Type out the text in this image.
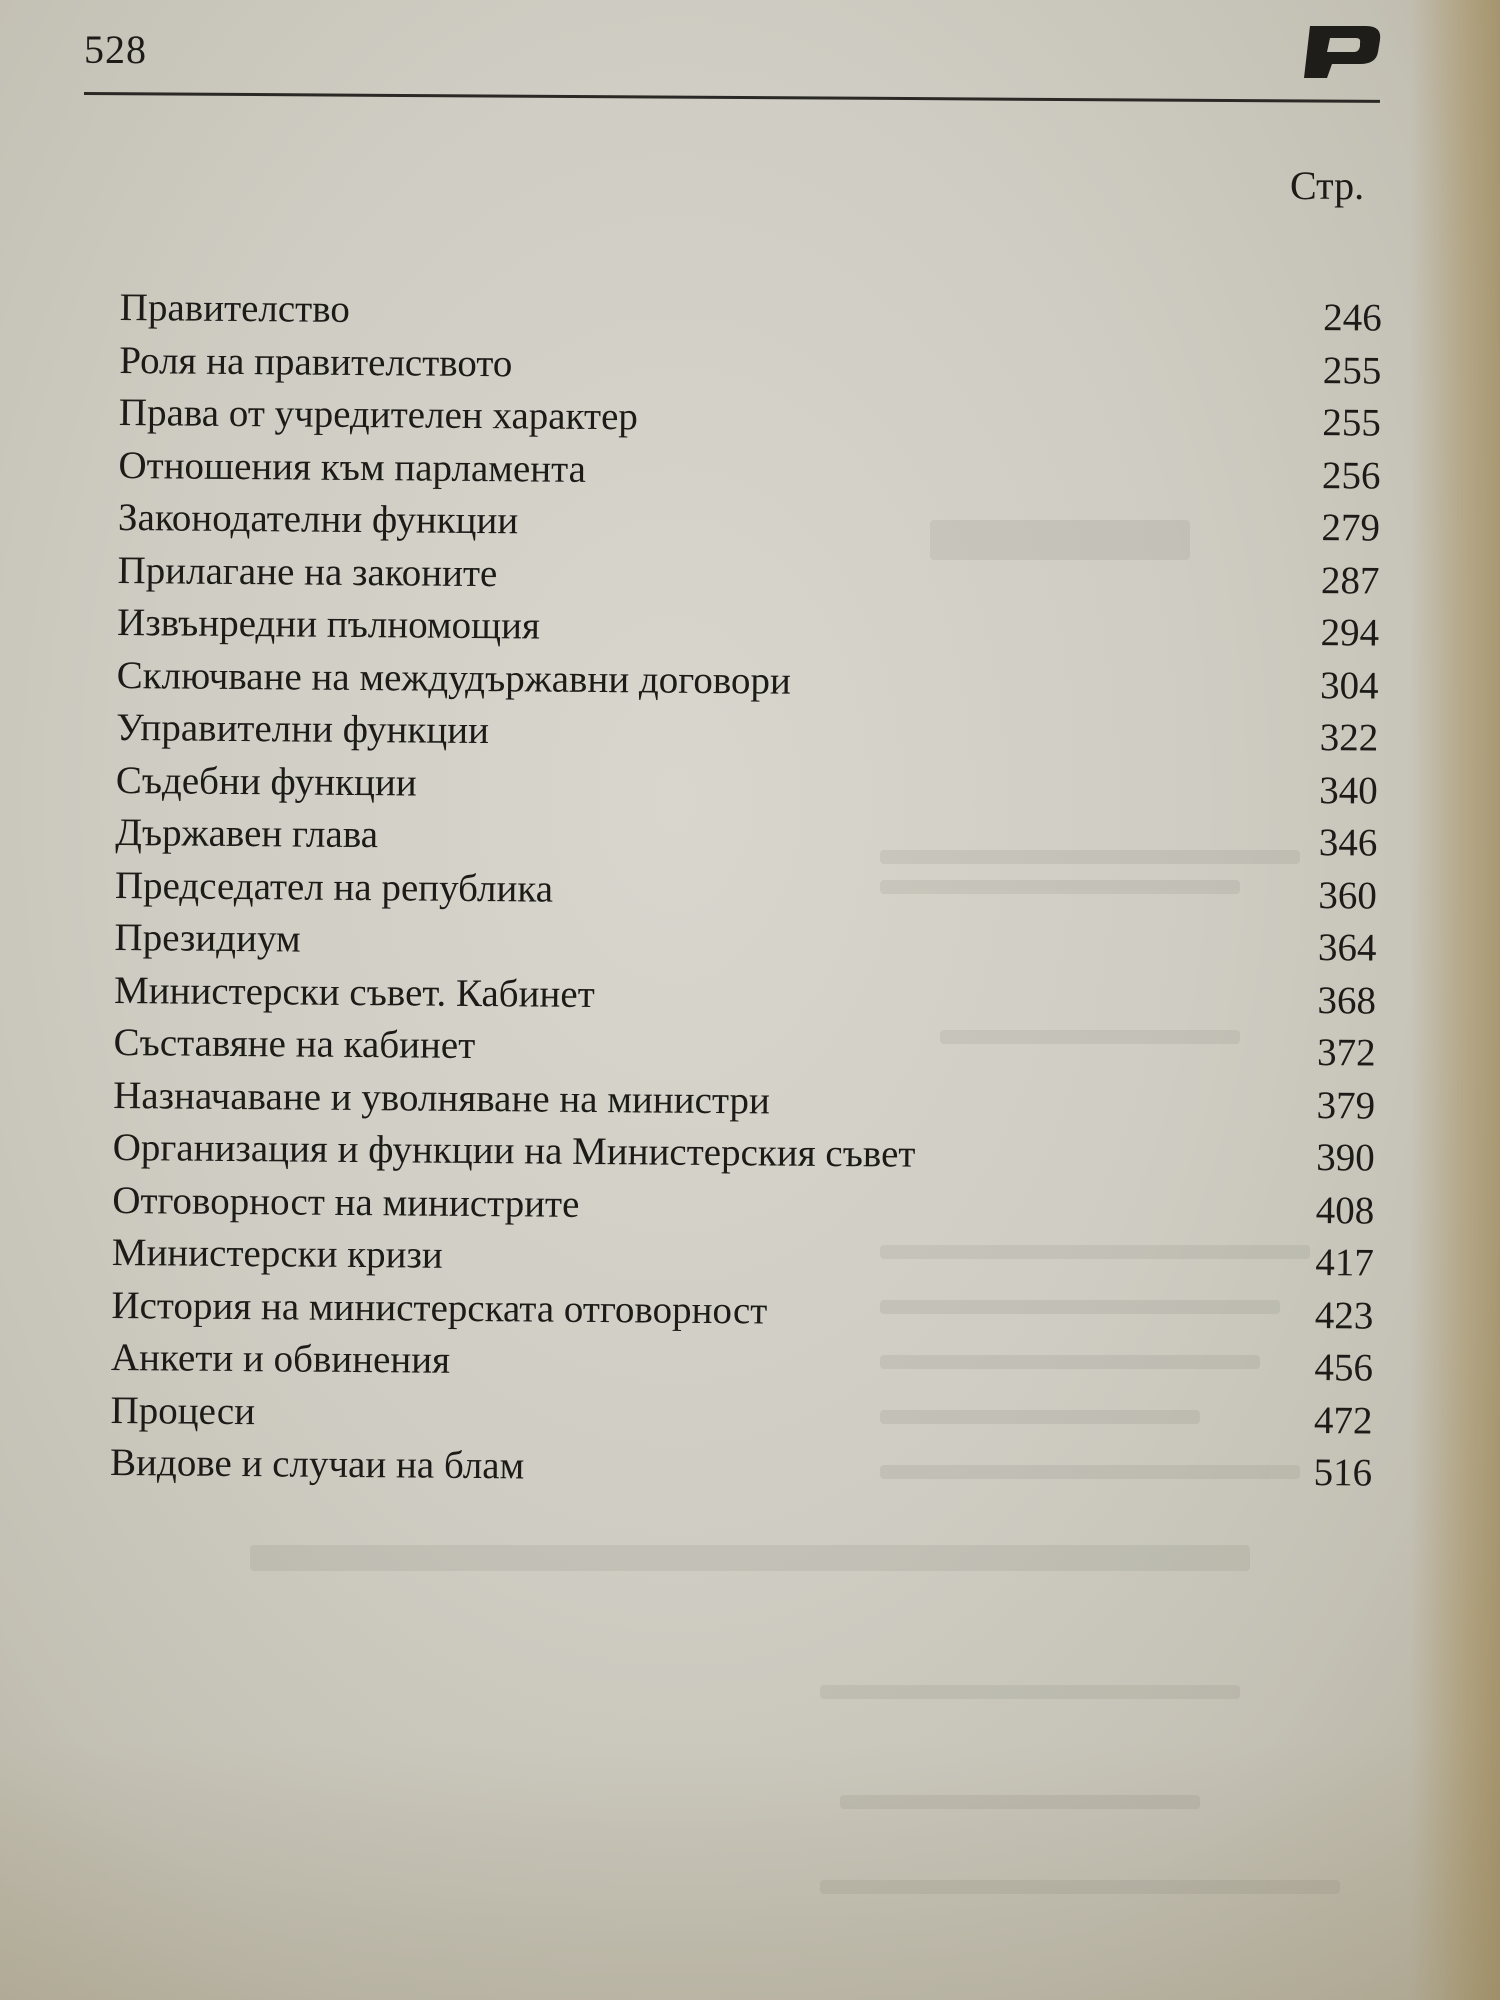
528
Стр.
Правителство	246
Роля на правителството	255
Права от учредителен характер	255
Отношения към парламента	256
Законодателни функции	279
Прилагане на законите	287
Извънредни пълномощия	294
Сключване на междудържавни договори	304
Управителни функции	322
Съдебни функции	340
Държавен глава	346
Председател на република	360
Президиум	364
Министерски съвет. Кабинет	368
Съставяне на кабинет	372
Назначаване и уволняване на министри	379
Организация и функции на Министерския съвет	390
Отговорност на министрите	408
Министерски кризи	417
История на министерската отговорност	423
Анкети и обвинения	456
Процеси	472
Видове и случаи на блам	516
